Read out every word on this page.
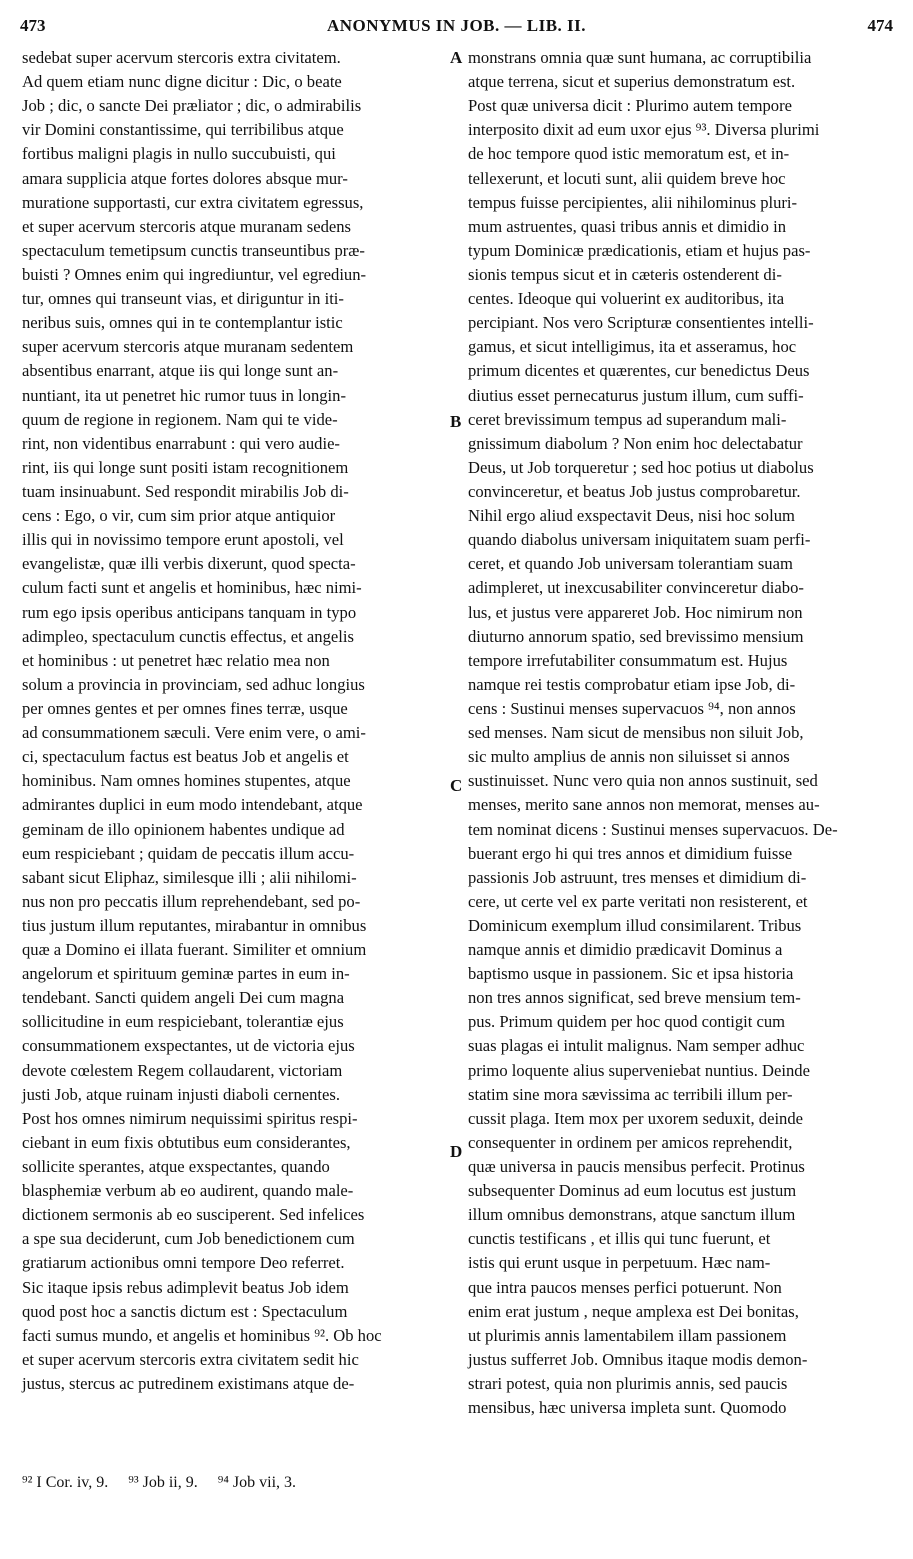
473	ANONYMUS IN JOB. — LIB. II.	474
sedebat super acervum stercoris extra civitatem.
Ad quem etiam nunc digne dicitur : Dic, o beate
Job ; dic, o sancte Dei præliator ; dic, o admirabilis
vir Domini constantissime, qui terribilibus atque
fortibus maligni plagis in nullo succubuisti, qui
amara supplicia atque fortes dolores absque mur-
muratione supportasti, cur extra civitatem egressus,
et super acervum stercoris atque muranam sedens
spectaculum temetipsum cunctis transeuntibus præ-
buisti ? Omnes enim qui ingrediuntur, vel egrediun-
tur, omnes qui transeunt vias, et diriguntur in iti-
neribus suis, omnes qui in te contemplantur istic
super acervum stercoris atque muranam sedentem
absentibus enarrant, atque iis qui longe sunt an-
nuntiant, ita ut penetret hic rumor tuus in longin-
quum de regione in regionem. Nam qui te vide-
rint, non videntibus enarrabunt : qui vero audie-
rint, iis qui longe sunt positi istam recognitionem
tuam insinuabunt. Sed respondit mirabilis Job di-
cens : Ego, o vir, cum sim prior atque antiquior
illis qui in novissimo tempore erunt apostoli, vel
evangelistæ, quæ illi verbis dixerunt, quod specta-
culum facti sunt et angelis et hominibus, hæc nimi-
rum ego ipsis operibus anticipans tanquam in typo
adimpleo, spectaculum cunctis effectus, et angelis
et hominibus : ut penetret hæc relatio mea non
solum a provincia in provinciam, sed adhuc longius
per omnes gentes et per omnes fines terræ, usque
ad consummationem sæculi. Vere enim vere, o ami-
ci, spectaculum factus est beatus Job et angelis et
hominibus. Nam omnes homines stupentes, atque
admirantes duplici in eum modo intendebant, atque
geminam de illo opinionem habentes undique ad
eum respiciebant ; quidam de peccatis illum accu-
sabant sicut Eliphaz, similesque illi ; alii nihilomi-
nus non pro peccatis illum reprehendebant, sed po-
tius justum illum reputantes, mirabantur in omnibus
quæ a Domino ei illata fuerant. Similiter et omnium
angelorum et spirituum geminæ partes in eum in-
tendebant. Sancti quidem angeli Dei cum magna
sollicitudine in eum respiciebant, tolerantiæ ejus
consummationem exspectantes, ut de victoria ejus
devote cœlestem Regem collaudarent, victoriam
justi Job, atque ruinam injusti diaboli cernentes.
Post hos omnes nimirum nequissimi spiritus respi-
ciebant in eum fixis obtutibus eum considerantes,
sollicite sperantes, atque exspectantes, quando
blasphemiæ verbum ab eo audirent, quando male-
dictionem sermonis ab eo susciperent. Sed infelices
a spe sua deciderunt, cum Job benedictionem cum
gratiarum actionibus omni tempore Deo referret.
Sic itaque ipsis rebus adimplevit beatus Job idem
quod post hoc a sanctis dictum est : Spectaculum
facti sumus mundo, et angelis et hominibus ⁹². Ob hoc
et super acervum stercoris extra civitatem sedit hic
justus, stercus ac putredinem existimans atque de-
monstrans omnia quæ sunt humana, ac corruptibilia
atque terrena, sicut et superius demonstratum est.
Post quæ universa dicit : Plurimo autem tempore
interposito dixit ad eum uxor ejus ⁹³. Diversa plurimi
de hoc tempore quod istic memoratum est, et in-
tellexerunt, et locuti sunt, alii quidem breve hoc
tempus fuisse percipientes, alii nihilominus pluri-
mum astruentes, quasi tribus annis et dimidio in
typum Dominicæ prædicationis, etiam et hujus pas-
sionis tempus sicut et in cæteris ostenderent di-
centes. Ideoque qui voluerint ex auditoribus, ita
percipiant. Nos vero Scripturæ consentientes intelli-
gamus, et sicut intelligimus, ita et asseramus, hoc
primum dicentes et quærentes, cur benedictus Deus
diutius esset pernecaturus justum illum, cum suffi-
ceret brevissimum tempus ad superandum mali-
gnissimum diabolum ? Non enim hoc delectabatur
Deus, ut Job torqueretur ; sed hoc potius ut diabolus
convinceretur, et beatus Job justus comprobaretur.
Nihil ergo aliud exspectavit Deus, nisi hoc solum
quando diabolus universam iniquitatem suam perfi-
ceret, et quando Job universam tolerantiam suam
adimpleret, ut inexcusabiliter convinceretur diabo-
lus, et justus vere appareret Job. Hoc nimirum non
diuturno annorum spatio, sed brevissimo mensium
tempore irrefutabiliter consummatum est. Hujus
namque rei testis comprobatur etiam ipse Job, di-
cens : Sustinui menses supervacuos ⁹⁴, non annos
sed menses. Nam sicut de mensibus non siluit Job,
sic multo amplius de annis non siluisset si annos
sustinuisset. Nunc vero quia non annos sustinuit, sed
menses, merito sane annos non memorat, menses au-
tem nominat dicens : Sustinui menses supervacuos. De-
buerant ergo hi qui tres annos et dimidium fuisse
passionis Job astruunt, tres menses et dimidium di-
cere, ut certe vel ex parte veritati non resisterent, et
Dominicum exemplum illud consimilarent. Tribus
namque annis et dimidio prædicavit Dominus a
baptismo usque in passionem. Sic et ipsa historia
non tres annos significat, sed breve mensium tem-
pus. Primum quidem per hoc quod contigit cum
suas plagas ei intulit malignus. Nam semper adhuc
primo loquente alius superveniebat nuntius. Deinde
statim sine mora sævissima ac terribili illum per-
cussit plaga. Item mox per uxorem seduxit, deinde
consequenter in ordinem per amicos reprehendit,
quæ universa in paucis mensibus perfecit. Protinus
subsequenter Dominus ad eum locutus est justum
illum omnibus demonstrans, atque sanctum illum
cunctis testificans , et illis qui tunc fuerunt, et
istis qui erunt usque in perpetuum. Hæc nam-
que intra paucos menses perfici potuerunt. Non
enim erat justum , neque amplexa est Dei bonitas,
ut plurimis annis lamentabilem illam passionem
justus sufferret Job. Omnibus itaque modis demon-
strari potest, quia non plurimis annis, sed paucis
mensibus, hæc universa impleta sunt. Quomodo
A
B
C
D
⁹² I Cor. iv, 9. ⁹³ Job ii, 9. ⁹⁴ Job vii, 3.
